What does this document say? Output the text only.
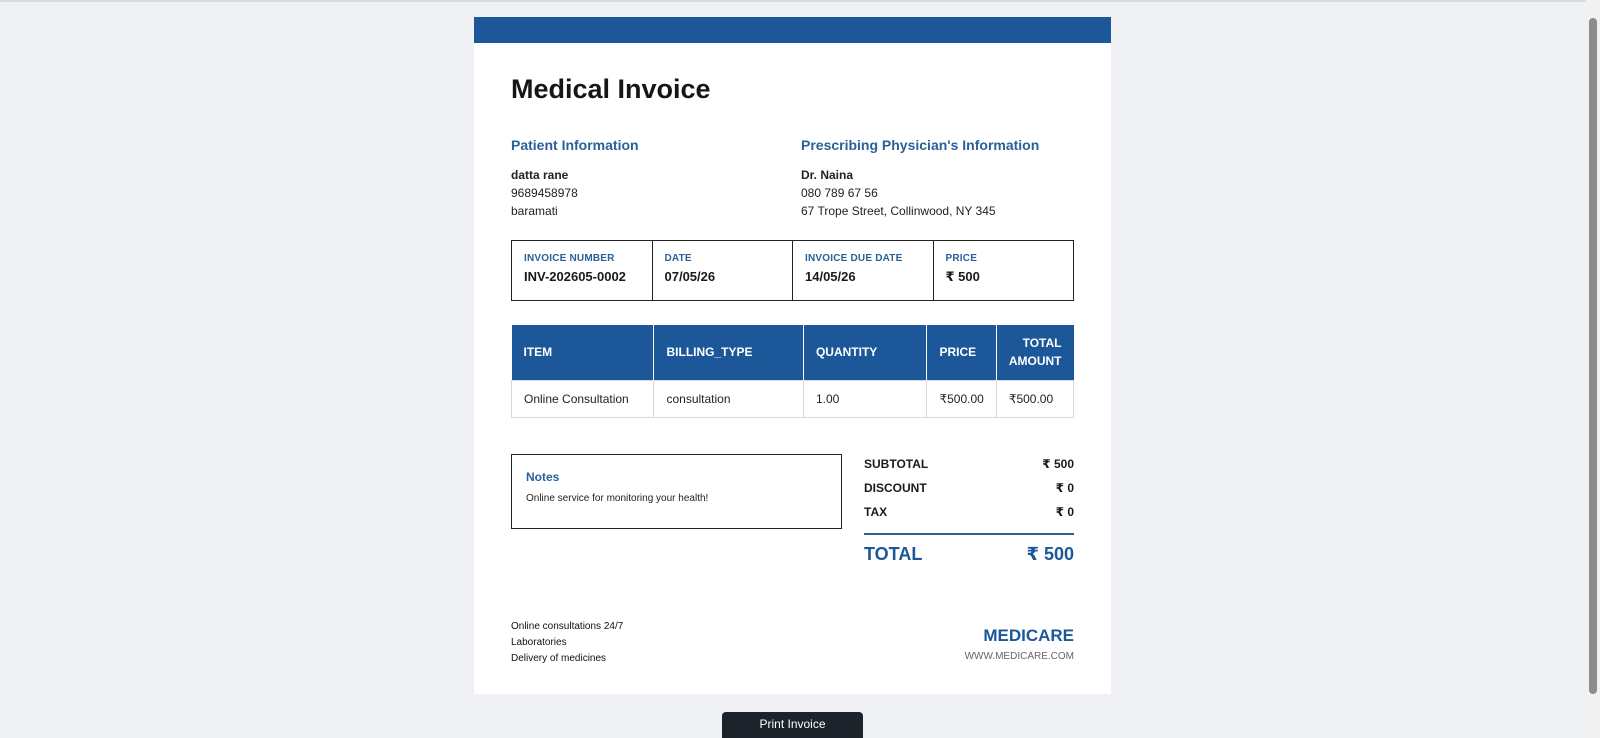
Medical Invoice
Patient Information
datta rane
9689458978
baramati
Prescribing Physician's Information
Dr. Naina
080 789 67 56
67 Trope Street, Collinwood, NY 345
INVOICE NUMBER
INV-202605-0002
DATE
07/05/26
INVOICE DUE DATE
14/05/26
PRICE
₹ 500
ITEM	BILLING_TYPE	QUANTITY	PRICE	TOTAL AMOUNT
Online Consultation	consultation	1.00	₹500.00	₹500.00
Notes
Online service for monitoring your health!
SUBTOTAL	₹ 500
DISCOUNT	₹ 0
TAX	₹ 0
TOTAL	₹ 500
Online consultations 24/7
Laboratories
Delivery of medicines
MEDICARE
WWW.MEDICARE.COM
Print Invoice
